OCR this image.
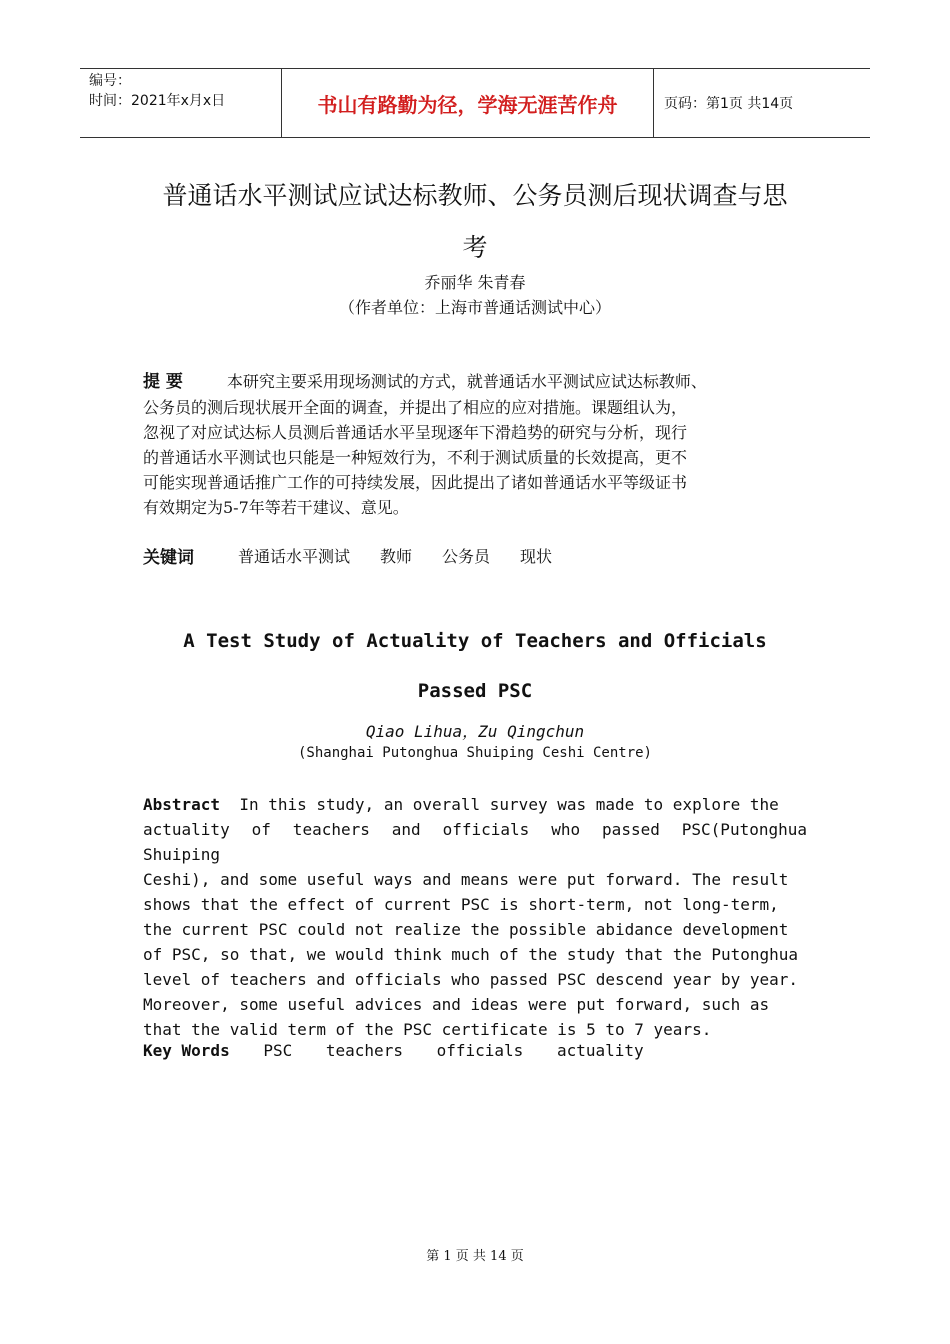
编号：
时间：2021年x月x日	书山有路勤为径，学海无涯苦作舟	页码：第1页 共14页
普通话水平测试应试达标教师、公务员测后现状调查与思
考
乔丽华 朱青春
（作者单位：上海市普通话测试中心）

提 要	本研究主要采用现场测试的方式，就普通话水平测试应试达标教师、

公务员的测后现状展开全面的调查，并提出了相应的应对措施。课题组认为，

忽视了对应试达标人员测后普通话水平呈现逐年下滑趋势的研究与分析，现行

的普通话水平测试也只能是一种短效行为，不利于测试质量的长效提高，更不

可能实现普通话推广工作的可持续发展，因此提出了诸如普通话水平等级证书

有效期定为5-7年等若干建议、意见。

关键词	普通话水平测试 教师 公务员 现状
A Test Study of Actuality of Teachers and Officials
Passed PSC
Qiao Lihua，Zu Qingchun
(Shanghai Putonghua Shuiping Ceshi Centre)

Abstract In this study, an overall survey was made to explore the

actuality of teachers and officials who passed PSC(Putonghua Shuiping

Ceshi), and some useful ways and means were put forward. The result

shows that the effect of current PSC is short-term, not long-term,

the current PSC could not realize the possible abidance development

of PSC, so that, we would think much of the study that the Putonghua

level of teachers and officials who passed PSC descend year by year.

Moreover, some useful advices and ideas were put forward, such as

that the valid term of the PSC certificate is 5 to 7 years.

Key Words PSC teachers officials actuality
第 1 页 共 14 页
